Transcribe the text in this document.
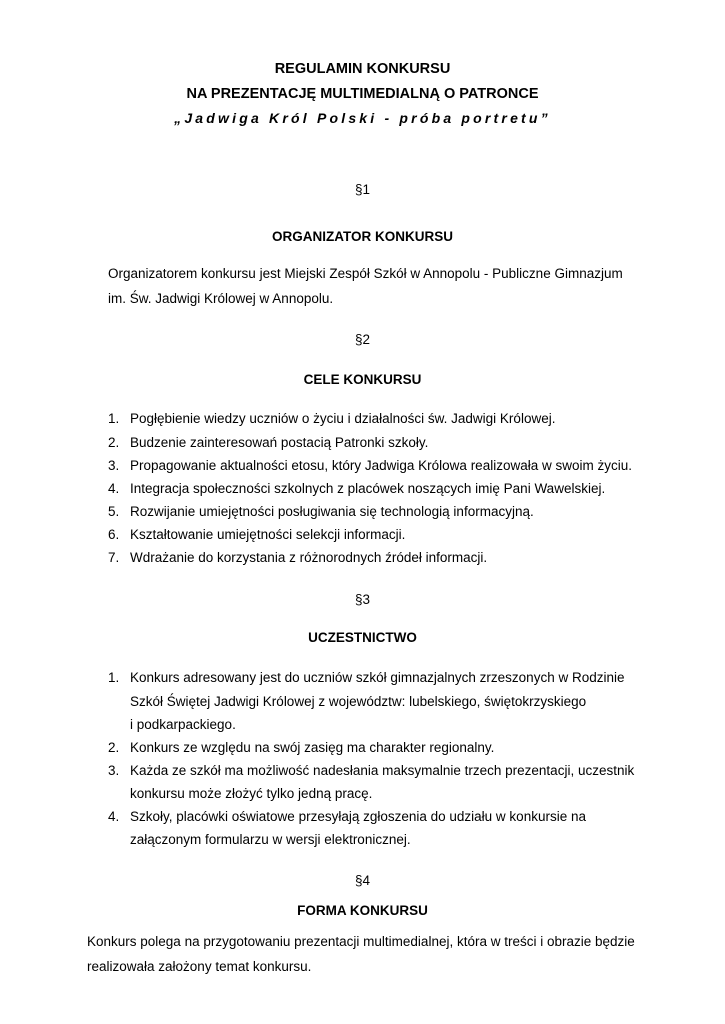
REGULAMIN KONKURSU
NA PREZENTACJĘ MULTIMEDIALNĄ O PATRONCE
„Jadwiga Król Polski - próba portretu”
§1
ORGANIZATOR KONKURSU
Organizatorem konkursu jest Miejski Zespół Szkół w Annopolu - Publiczne Gimnazjum
im. Św. Jadwigi Królowej w Annopolu.
§2
CELE KONKURSU
1. Pogłębienie wiedzy uczniów o życiu i działalności św. Jadwigi Królowej.
2. Budzenie zainteresowań postacią Patronki szkoły.
3. Propagowanie aktualności etosu, który Jadwiga Królowa realizowała w swoim życiu.
4. Integracja społeczności szkolnych z placówek noszących imię Pani Wawelskiej.
5. Rozwijanie umiejętności posługiwania się technologią informacyjną.
6. Kształtowanie umiejętności selekcji informacji.
7. Wdrażanie do korzystania z różnorodnych źródeł informacji.
§3
UCZESTNICTWO
1. Konkurs adresowany jest do uczniów szkół gimnazjalnych zrzeszonych w Rodzinie
Szkół Świętej Jadwigi Królowej z województw: lubelskiego, świętokrzyskiego
i podkarpackiego.
2. Konkurs ze względu na swój zasięg ma charakter regionalny.
3. Każda ze szkół ma możliwość nadesłania maksymalnie trzech prezentacji, uczestnik
konkursu może złożyć tylko jedną pracę.
4. Szkoły, placówki oświatowe przesyłają zgłoszenia do udziału w konkursie na
załączonym formularzu w wersji elektronicznej.
§4
FORMA KONKURSU
Konkurs polega na przygotowaniu prezentacji multimedialnej, która w treści i obrazie będzie
realizowała założony temat konkursu.
